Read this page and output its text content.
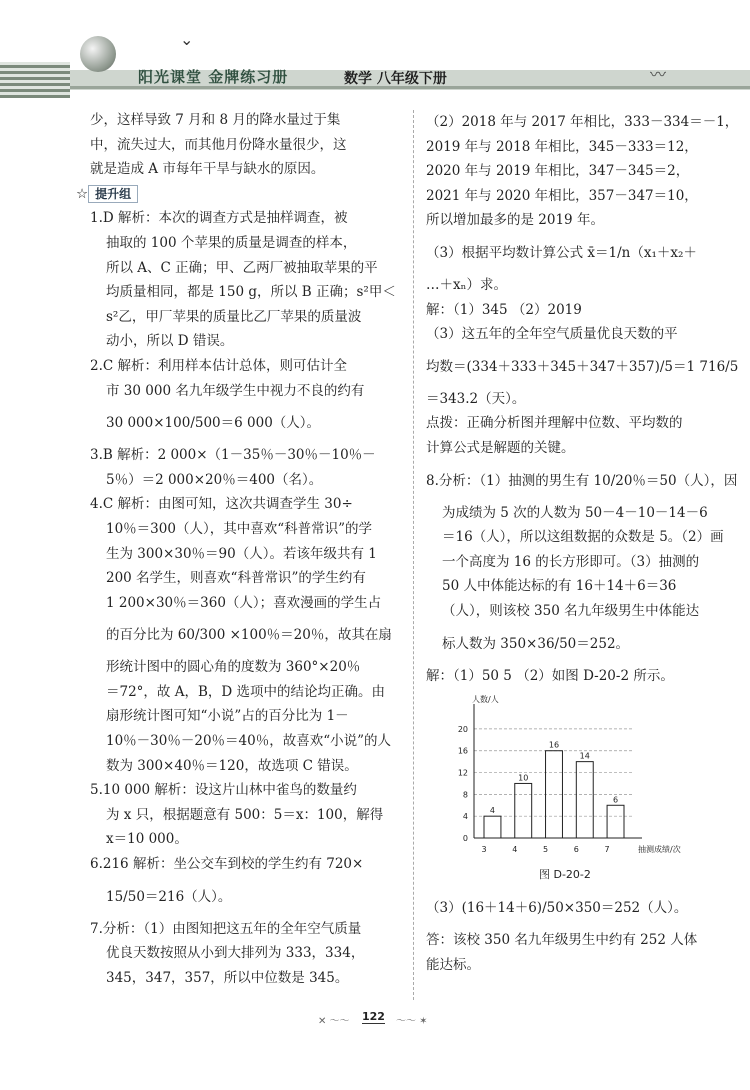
阳光课堂 金牌练习册	数学 八年级下册	〰
⌄
少，这样导致 7 月和 8 月的降水量过于集
中，流失过大，而其他月份降水量很少，这
就是造成 A 市每年干旱与缺水的原因。
☆ 提升组
1.D 解析：本次的调查方式是抽样调查，被
抽取的 100 个苹果的质量是调查的样本，
所以 A、C 正确；甲、乙两厂被抽取苹果的平
均质量相同，都是 150 g，所以 B 正确；s²甲＜
s²乙，甲厂苹果的质量比乙厂苹果的质量波
动小，所以 D 错误。
2.C 解析：利用样本估计总体，则可估计全
市 30 000 名九年级学生中视力不良的约有
30 000×100/500＝6 000（人）。
3.B 解析：2 000×（1－35％－30％－10％－
5％）＝2 000×20％＝400（名）。
4.C 解析：由图可知，这次共调查学生 30÷
10％＝300（人），其中喜欢“科普常识”的学
生为 300×30％＝90（人）。若该年级共有 1
200 名学生，则喜欢“科普常识”的学生约有
1 200×30％＝360（人）；喜欢漫画的学生占
的百分比为 60/300 ×100％＝20％，故其在扇
形统计图中的圆心角的度数为 360°×20％
＝72°，故 A，B，D 选项中的结论均正确。由
扇形统计图可知“小说”占的百分比为 1－
10％－30％－20％＝40％，故喜欢“小说”的人
数为 300×40％＝120，故选项 C 错误。
5.10 000 解析：设这片山林中雀鸟的数量约
为 x 只，根据题意有 500：5＝x：100，解得
x＝10 000。
6.216 解析：坐公交车到校的学生约有 720×
15/50＝216（人）。
7.分析：（1）由图知把这五年的全年空气质量
优良天数按照从小到大排列为 333，334，
345，347，357，所以中位数是 345。
（2）2018 年与 2017 年相比，333－334＝－1，
2019 年与 2018 年相比，345－333＝12，
2020 年与 2019 年相比，347－345＝2，
2021 年与 2020 年相比，357－347＝10，
所以增加最多的是 2019 年。
（3）根据平均数计算公式 x̄＝1/n（x₁＋x₂＋
…＋xₙ）求。
解：（1）345 （2）2019
（3）这五年的全年空气质量优良天数的平
均数＝(334＋333＋345＋347＋357)/5＝1 716/5
＝343.2（天）。
点拨：正确分析图并理解中位数、平均数的
计算公式是解题的关键。
8.分析：（1）抽测的男生有 10/20％＝50（人），因
为成绩为 5 次的人数为 50－4－10－14－6
＝16（人），所以这组数据的众数是 5。（2）画
一个高度为 16 的长方形即可。（3）抽测的
50 人中体能达标的有 16＋14＋6＝36
（人），则该校 350 名九年级男生中体能达
标人数为 350×36/50＝252。
解：（1）50 5 （2）如图 D-20-2 所示。
0
4
8
12
16
20
人数/人
抽测成绩/次
4
3
10
4
16
5
14
6
6
7
图 D-20-2
（3）(16＋14＋6)/50×350＝252（人）。
答：该校 350 名九年级男生中约有 252 人体
能达标。
✕ ～～ 122 ～～ ✶
